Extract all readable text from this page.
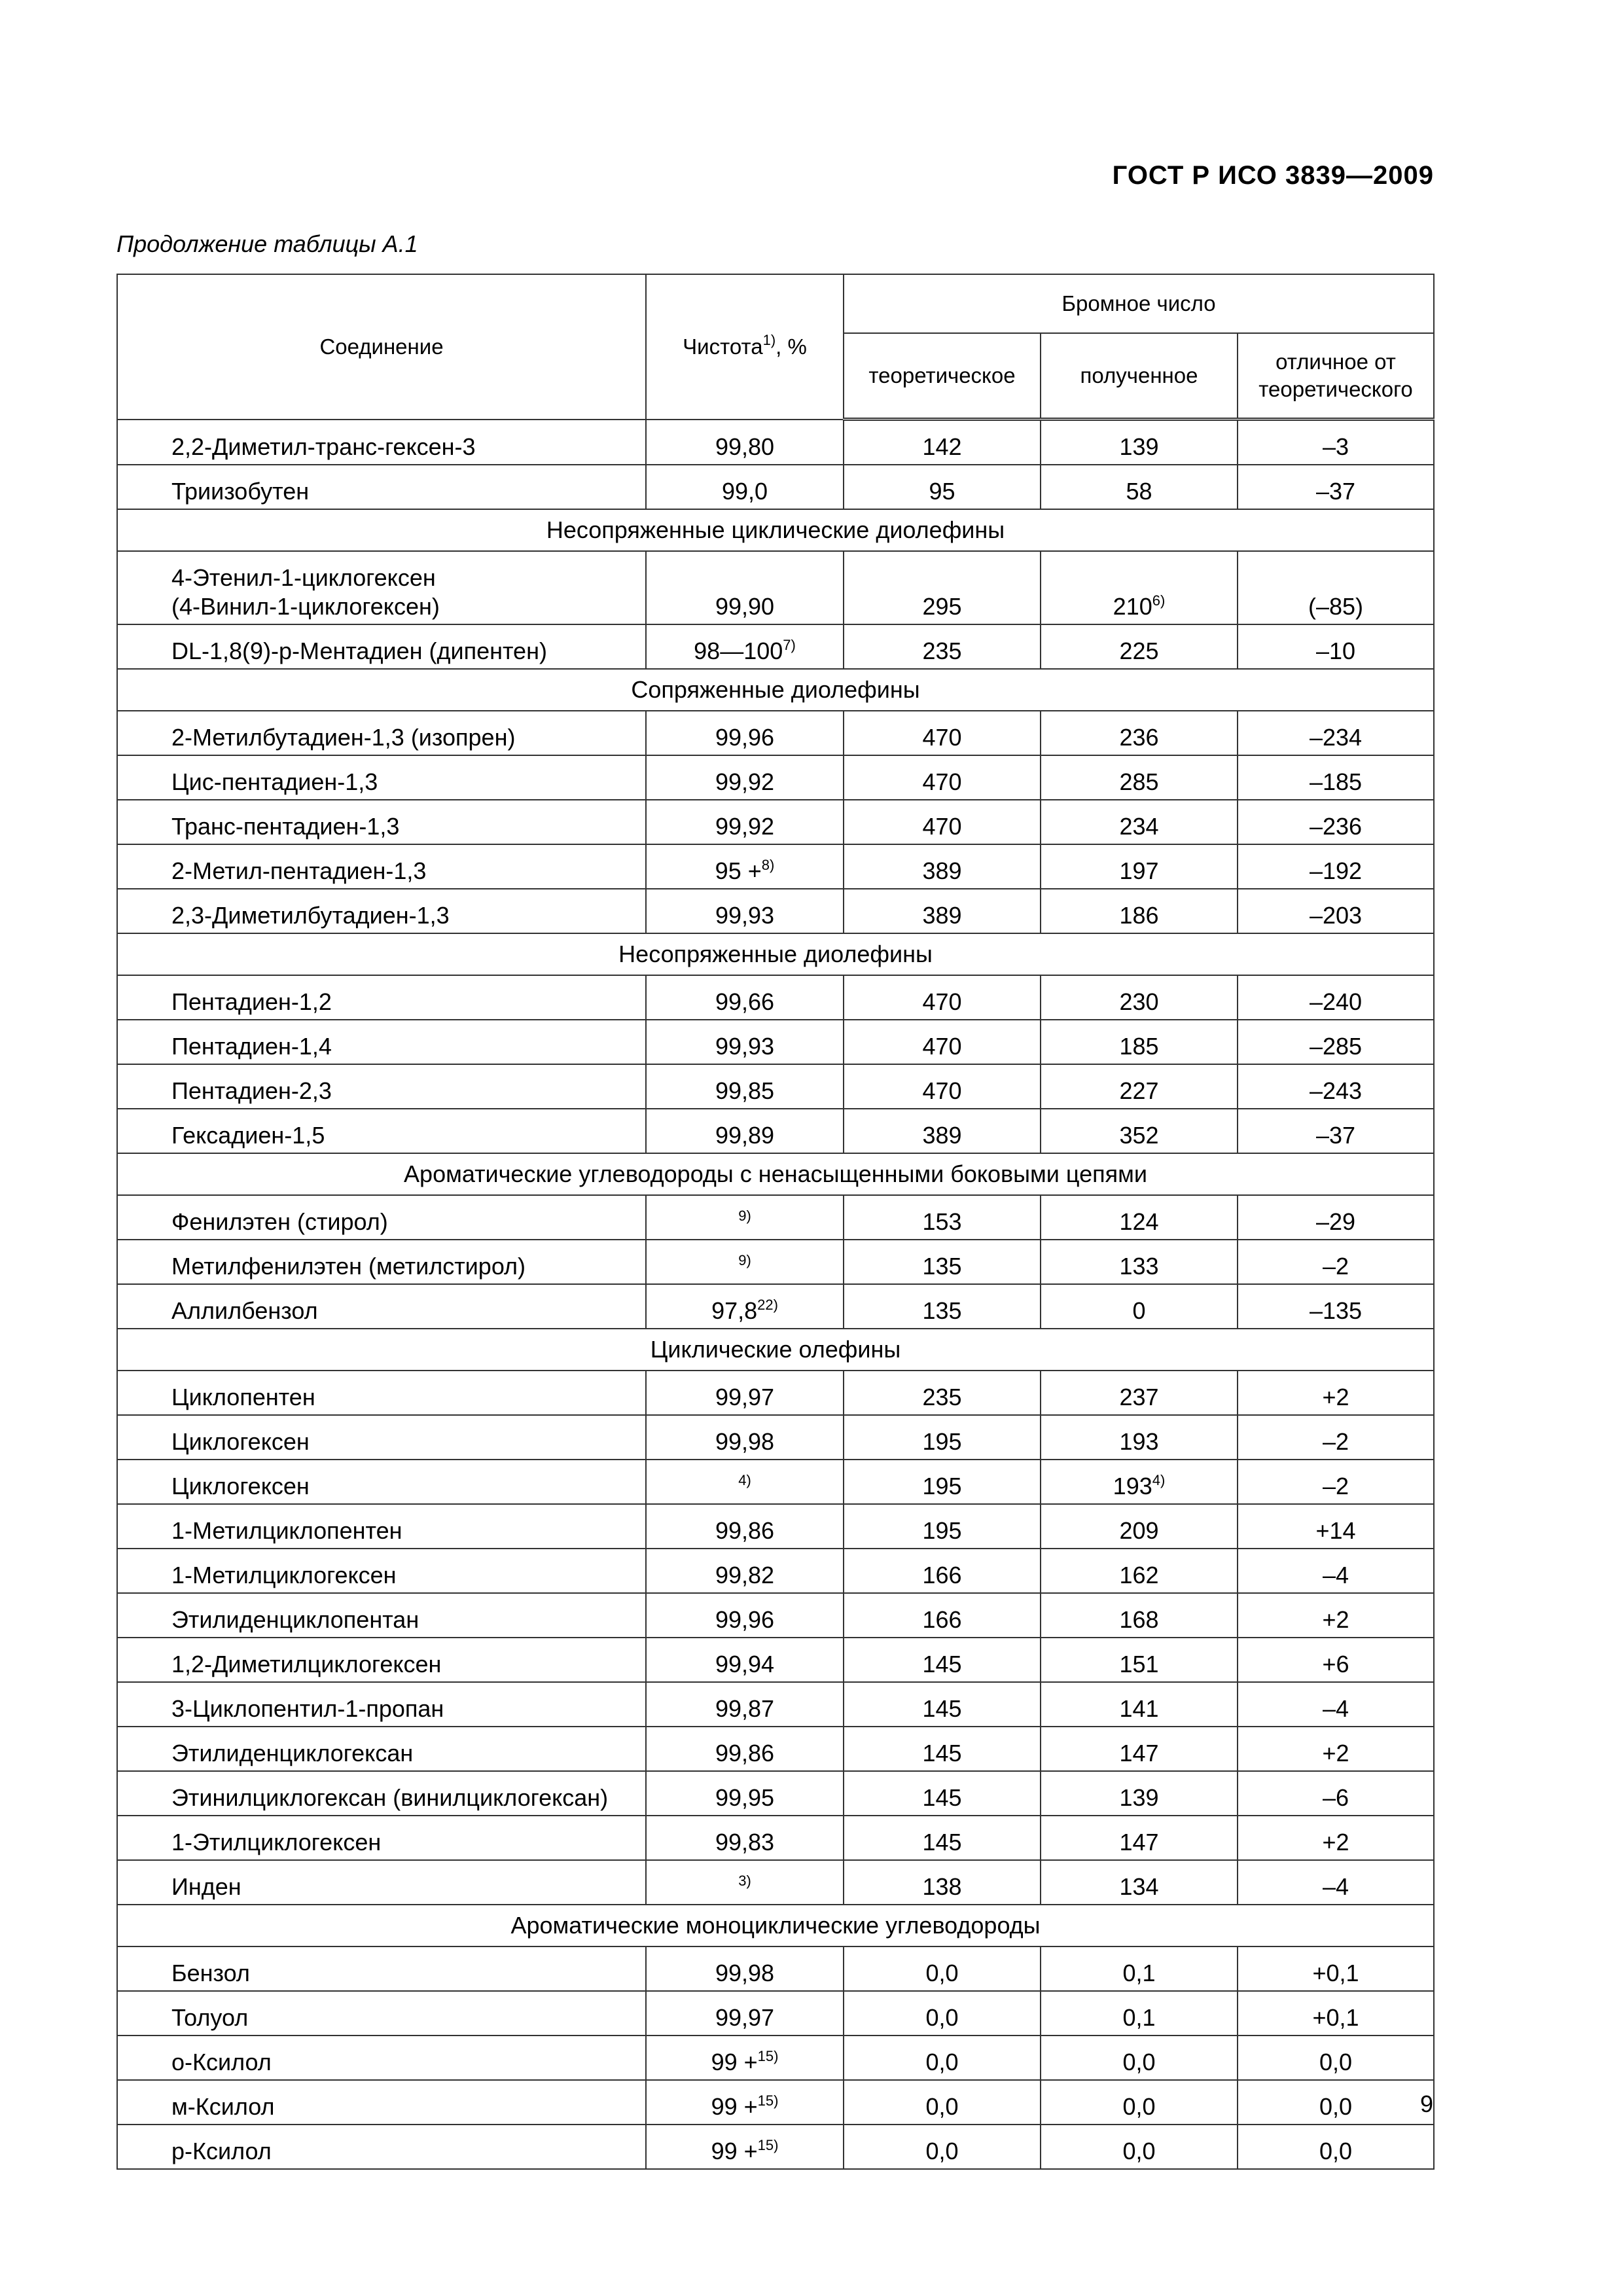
ГОСТ Р ИСО 3839—2009
Продолжение таблицы А.1
Соединение	Чистота$^{1)}$, %	Бромное число		
		теоретическое	полученное	отличное от теоретического

2,2-Диметил-транс-гексен-3	99,80	142	139	–3

Триизобутен	99,0	95	58	–37
Несопряженные циклические диолефины				

4-Этенил-1-циклогексен
(4-Винил-1-циклогексен)	99,90	295	210$^{6)}$	(–85)

DL-1,8(9)-р-Ментадиен (дипентен)	98—100$^{7)}$	235	225	–10
Сопряженные диолефины				

2-Метилбутадиен-1,3 (изопрен)	99,96	470	236	–234

Цис-пентадиен-1,3	99,92	470	285	–185

Транс-пентадиен-1,3	99,92	470	234	–236

2-Метил-пентадиен-1,3	95 +$^{8)}$	389	197	–192

2,3-Диметилбутадиен-1,3	99,93	389	186	–203
Несопряженные диолефины				

Пентадиен-1,2	99,66	470	230	–240

Пентадиен-1,4	99,93	470	185	–285

Пентадиен-2,3	99,85	470	227	–243

Гексадиен-1,5	99,89	389	352	–37
Ароматические углеводороды с ненасыщенными боковыми цепями				

Фенилэтен (стирол)	$^{9)}$	153	124	–29

Метилфенилэтен (метилстирол)	$^{9)}$	135	133	–2

Аллилбензол	97,8$^{22)}$	135	0	–135
Циклические олефины				

Циклопентен	99,97	235	237	+2

Циклогексен	99,98	195	193	–2

Циклогексен	$^{4)}$	195	193$^{4)}$	–2

1-Метилциклопентен	99,86	195	209	+14

1-Метилциклогексен	99,82	166	162	–4

Этилиденциклопентан	99,96	166	168	+2

1,2-Диметилциклогексен	99,94	145	151	+6

3-Циклопентил-1-пропан	99,87	145	141	–4

Этилиденциклогексан	99,86	145	147	+2

Этинилциклогексан (винилциклогексан)	99,95	145	139	–6

1-Этилциклогексен	99,83	145	147	+2

Инден	$^{3)}$	138	134	–4
Ароматические моноциклические углеводороды				

Бензол	99,98	0,0	0,1	+0,1

Толуол	99,97	0,0	0,1	+0,1

о-Ксилол	99 +$^{15)}$	0,0	0,0	0,0

м-Ксилол	99 +$^{15)}$	0,0	0,0	0,0

р-Ксилол	99 +$^{15)}$	0,0	0,0	0,0
9
